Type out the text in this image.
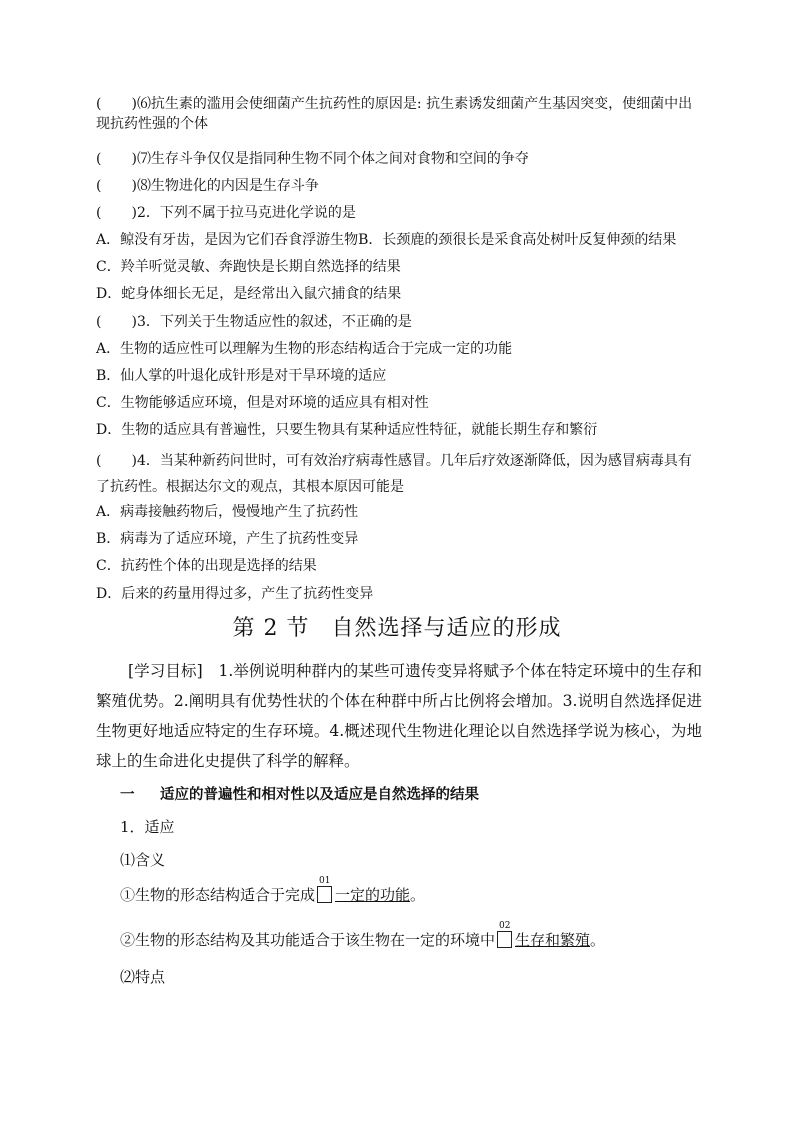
( )⑹抗生素的滥用会使细菌产生抗药性的原因是: 抗生素诱发细菌产生基因突变，使细菌中出现抗药性强的个体
( )⑺生存斗争仅仅是指同种生物不同个体之间对食物和空间的争夺
( )⑻生物进化的内因是生存斗争
( )2．下列不属于拉马克进化学说的是
A．鲸没有牙齿，是因为它们吞食浮游生物B．长颈鹿的颈很长是采食高处树叶反复伸颈的结果
C．羚羊听觉灵敏、奔跑快是长期自然选择的结果
D．蛇身体细长无足，是经常出入鼠穴捕食的结果
( )3．下列关于生物适应性的叙述，不正确的是
A．生物的适应性可以理解为生物的形态结构适合于完成一定的功能
B．仙人掌的叶退化成针形是对干旱环境的适应
C．生物能够适应环境，但是对环境的适应具有相对性
D．生物的适应具有普遍性，只要生物具有某种适应性特征，就能长期生存和繁衍
( )4．当某种新药问世时，可有效治疗病毒性感冒。几年后疗效逐渐降低，因为感冒病毒具有了抗药性。根据达尔文的观点，其根本原因可能是
A．病毒接触药物后，慢慢地产生了抗药性
B．病毒为了适应环境，产生了抗药性变异
C．抗药性个体的出现是选择的结果
D．后来的药量用得过多，产生了抗药性变异
第 2 节 自然选择与适应的形成
[学习目标]　1.举例说明种群内的某些可遗传变异将赋予个体在特定环境中的生存和繁殖优势。2.阐明具有优势性状的个体在种群中所占比例将会增加。3.说明自然选择促进生物更好地适应特定的生存环境。4.概述现代生物进化理论以自然选择学说为核心，为地球上的生命进化史提供了科学的解释。
一 适应的普遍性和相对性以及适应是自然选择的结果
1．适应
⑴含义
①生物的形态结构适合于完成
01
一定的功能。
②生物的形态结构及其功能适合于该生物在一定的环境中
02
生存和繁殖。
⑵特点
